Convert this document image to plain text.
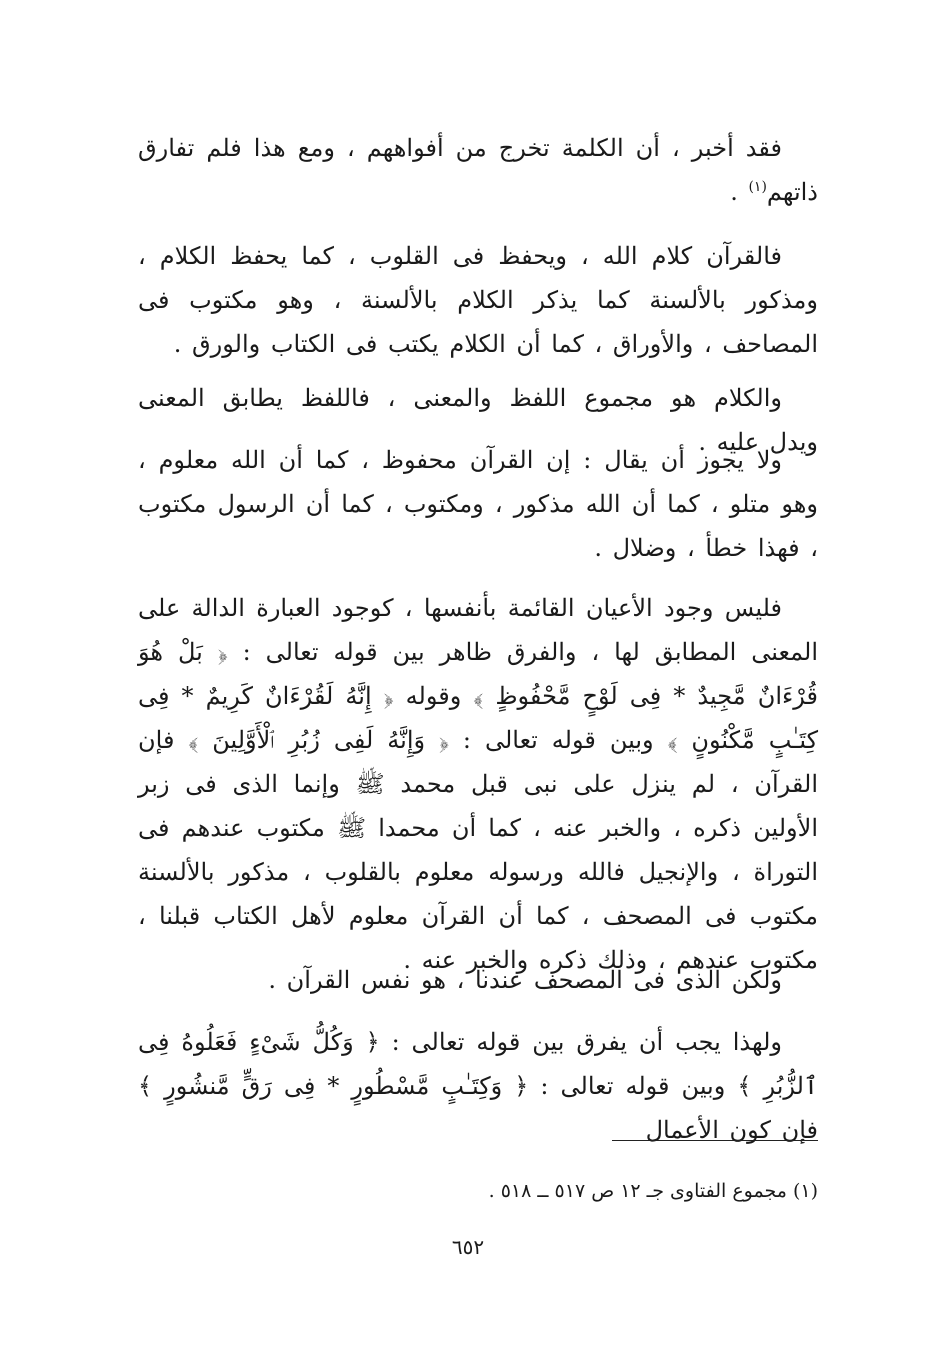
فقد أخبر ، أن الكلمة تخرج من أفواههم ، ومع هذا فلم تفارق ذاتهم$^{(١)}$ .

فالقرآن كلام الله ، ويحفظ فى القلوب ، كما يحفظ الكلام ، ومذكور بالألسنة كما يذكر الكلام بالألسنة ، وهو مكتوب فى المصاحف ، والأوراق ، كما أن الكلام يكتب فى الكتاب والورق .

والكلام هو مجموع اللفظ والمعنى ، فاللفظ يطابق المعنى ويدل عليه .

ولا يجوز أن يقال : إن القرآن محفوظ ، كما أن الله معلوم ، وهو متلو ، كما أن الله مذكور ، ومكتوب ، كما أن الرسول مكتوب ، فهذا خطأ ، وضلال .

فليس وجود الأعيان القائمة بأنفسها ، كوجود العبارة الدالة على المعنى المطابق لها ، والفرق ظاهر بين قوله تعالى : ﴿ بَلْ هُوَ قُرْءَانٌ مَّجِيدٌ * فِى لَوْحٍ مَّحْفُوظٍ ﴾ وقوله ﴿ إِنَّهُ لَقُرْءَانٌ كَرِيمٌ * فِى كِتَـٰبٍ مَّكْنُونٍ ﴾ وبين قوله تعالى : ﴿ وَإِنَّهُ لَفِى زُبُرِ ٱلْأَوَّلِينَ ﴾ فإن القرآن ، لم ينزل على نبى قبل محمد ﷺ وإنما الذى فى زبر الأولين ذكره ، والخبر عنه ، كما أن محمدا ﷺ مكتوب عندهم فى التوراة ، والإنجيل فالله ورسوله معلوم بالقلوب ، مذكور بالألسنة مكتوب فى المصحف ، كما أن القرآن معلوم لأهل الكتاب قبلنا ، مكتوب عندهم ، وذلك ذكره والخبر عنه .

ولكن الذى فى المصحف عندنا ، هو نفس القرآن .

ولهذا يجب أن يفرق بين قوله تعالى : ﴿ وَكُلُّ شَىْءٍ فَعَلُوهُ فِى ٱلزُّبُرِ ﴾ وبين قوله تعالى : ﴿ وَكِتَـٰبٍ مَّسْطُورٍ * فِى رَقٍّ مَّنشُورٍ ﴾ فإن كون الأعمال

(١) مجموع الفتاوى جـ ١٢ ص ٥١٧ ــ ٥١٨ .
٦٥٢
